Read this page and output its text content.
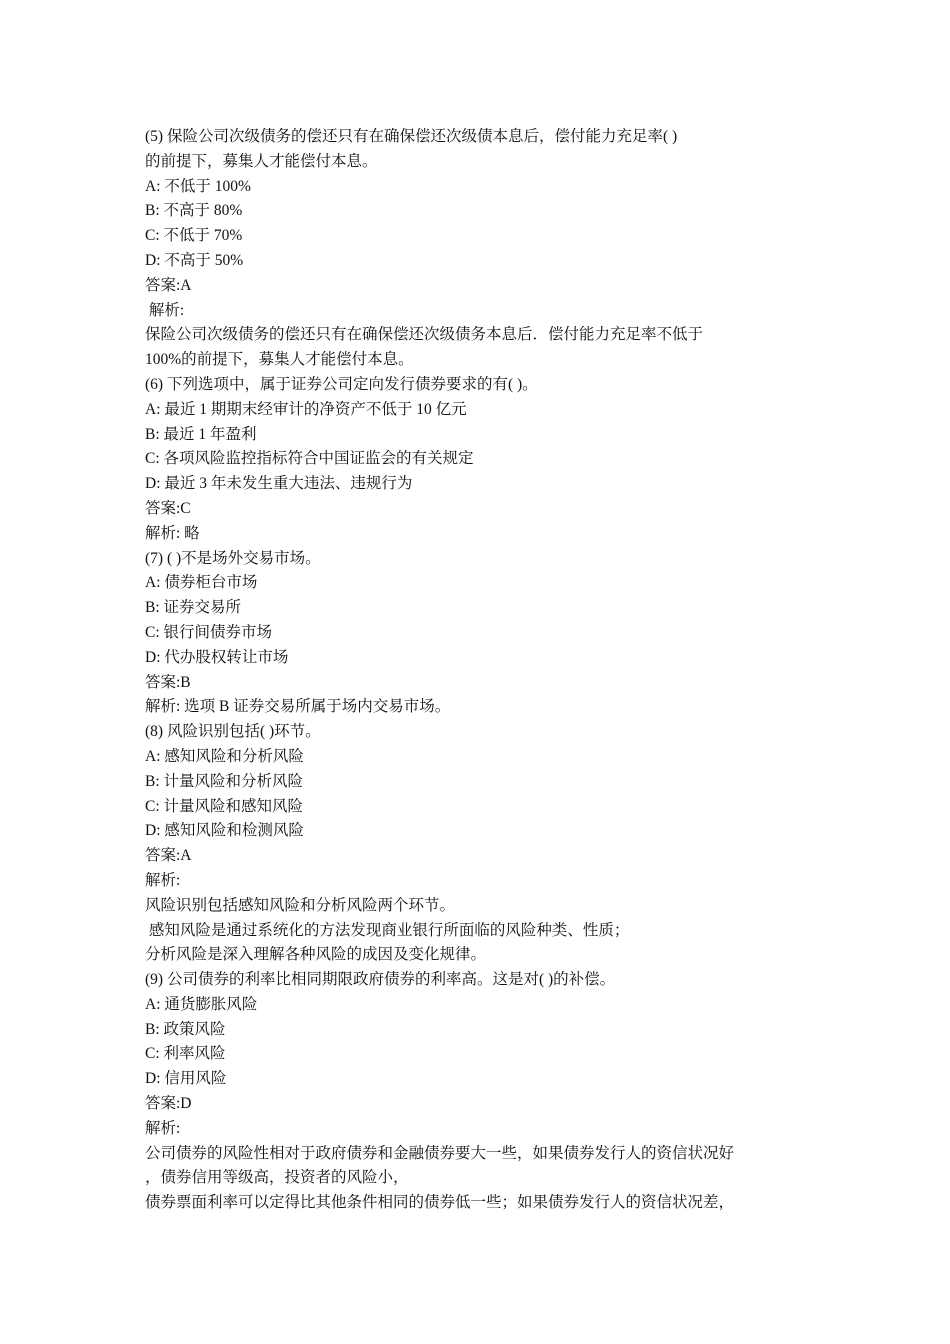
(5) 保险公司次级债务的偿还只有在确保偿还次级债本息后，偿付能力充足率( )
的前提下，募集人才能偿付本息。
A: 不低于 100%
B: 不高于 80%
C: 不低于 70%
D: 不高于 50%
答案:A
解析:
保险公司次级债务的偿还只有在确保偿还次级债务本息后．偿付能力充足率不低于
100%的前提下，募集人才能偿付本息。
(6) 下列选项中，属于证券公司定向发行债券要求的有( )。
A: 最近 1 期期末经审计的净资产不低于 10 亿元
B: 最近 1 年盈利
C: 各项风险监控指标符合中国证监会的有关规定
D: 最近 3 年未发生重大违法、违规行为
答案:C
解析: 略
(7) ( )不是场外交易市场。
A: 债券柜台市场
B: 证券交易所
C: 银行间债券市场
D: 代办股权转让市场
答案:B
解析: 选项 B 证券交易所属于场内交易市场。
(8) 风险识别包括( )环节。
A: 感知风险和分析风险
B: 计量风险和分析风险
C: 计量风险和感知风险
D: 感知风险和检测风险
答案:A
解析:
风险识别包括感知风险和分析风险两个环节。
感知风险是通过系统化的方法发现商业银行所面临的风险种类、性质；
分析风险是深入理解各种风险的成因及变化规律。
(9) 公司债券的利率比相同期限政府债券的利率高。这是对( )的补偿。
A: 通货膨胀风险
B: 政策风险
C: 利率风险
D: 信用风险
答案:D
解析:
公司债券的风险性相对于政府债券和金融债券要大一些，如果债券发行人的资信状况好
，债券信用等级高，投资者的风险小，
债券票面利率可以定得比其他条件相同的债券低一些；如果债券发行人的资信状况差，
